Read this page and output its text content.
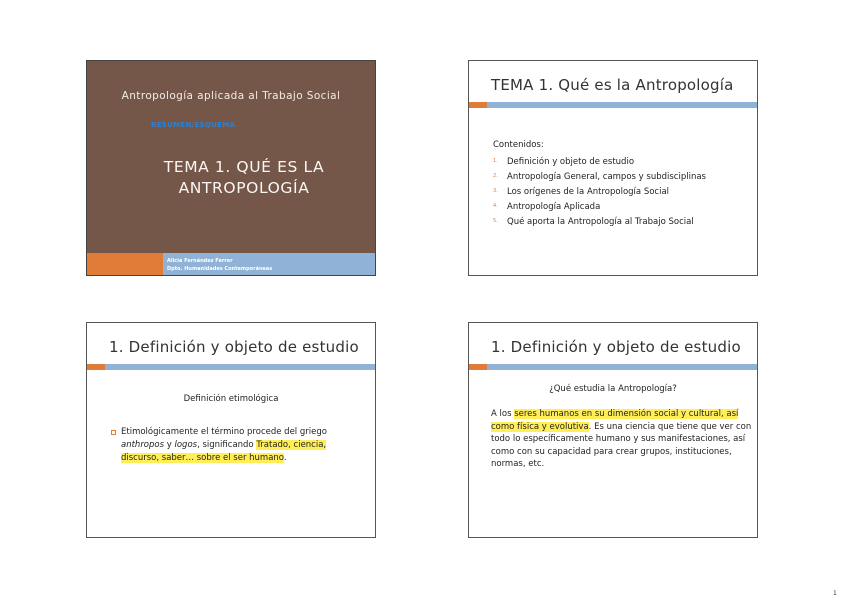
Antropología aplicada al Trabajo Social
RESUMEN/ESQUEMA
TEMA 1. QUÉ ES LA
ANTROPOLOGÍA
Alicia Fernández Ferrer
Dpto. Humanidades Contemporáneas
TEMA 1. Qué es la Antropología
Contenidos:
1. Definición y objeto de estudio
2. Antropología General, campos y subdisciplinas
3. Los orígenes de la Antropología Social
4. Antropología Aplicada
5. Qué aporta la Antropología al Trabajo Social
1. Definición y objeto de estudio
Definición etimológica
Etimológicamente el término procede del griego anthropos y logos, significando Tratado, ciencia, discurso, saber… sobre el ser humano.
1. Definición y objeto de estudio
¿Qué estudia la Antropología?
A los seres humanos en su dimensión social y cultural, así como física y evolutiva. Es una ciencia que tiene que ver con todo lo específicamente humano y sus manifestaciones, así como con su capacidad para crear grupos, instituciones, normas, etc.
1
